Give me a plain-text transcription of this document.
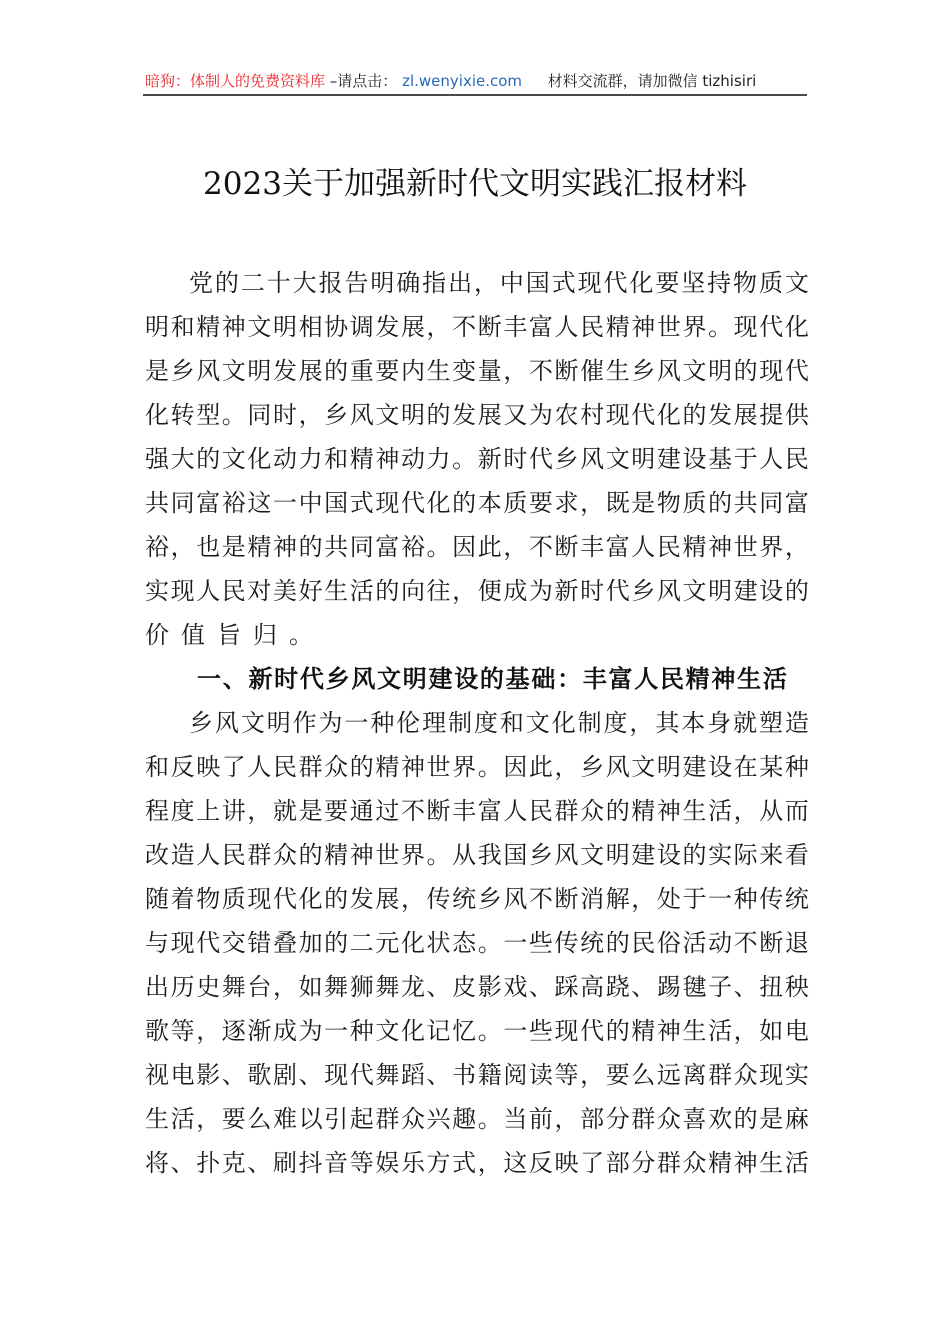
暗狗：体制人的免费资料库 –请点击： zl.wenyixie.com 材料交流群，请加微信 tizhisiri
2023关于加强新时代文明实践汇报材料
党 的 二 十 大 报 告 明 确 指 出 ， 中 国 式 现 代 化 要 坚 持 物 质 文
明 和 精 神 文 明 相 协 调 发 展 ， 不 断 丰 富 人 民 精 神 世 界 。 现 代 化
是 乡 风 文 明 发 展 的 重 要 内 生 变 量 ， 不 断 催 生 乡 风 文 明 的 现 代
化 转 型 。 同 时 ， 乡 风 文 明 的 发 展 又 为 农 村 现 代 化 的 发 展 提 供
强 大 的 文 化 动 力 和 精 神 动 力 。 新 时 代 乡 风 文 明 建 设 基 于 人 民
共 同 富 裕 这 一 中 国 式 现 代 化 的 本 质 要 求 ， 既 是 物 质 的 共 同 富
裕 ， 也 是 精 神 的 共 同 富 裕 。 因 此 ， 不 断 丰 富 人 民 精 神 世 界 ，
实 现 人 民 对 美 好 生 活 的 向 往 ， 便 成 为 新 时 代 乡 风 文 明 建 设 的
价值旨归。
一 、 新 时 代 乡 风 文 明 建 设 的 基 础 ： 丰 富 人 民 精 神 生 活
乡 风 文 明 作 为 一 种 伦 理 制 度 和 文 化 制 度 ， 其 本 身 就 塑 造
和 反 映 了 人 民 群 众 的 精 神 世 界 。 因 此 ， 乡 风 文 明 建 设 在 某 种
程 度 上 讲 ， 就 是 要 通 过 不 断 丰 富 人 民 群 众 的 精 神 生 活 ， 从 而
改 造 人 民 群 众 的 精 神 世 界 。 从 我 国 乡 风 文 明 建 设 的 实 际 来 看
随 着 物 质 现 代 化 的 发 展 ， 传 统 乡 风 不 断 消 解 ， 处 于 一 种 传 统
与 现 代 交 错 叠 加 的 二 元 化 状 态 。 一 些 传 统 的 民 俗 活 动 不 断 退
出 历 史 舞 台 ， 如 舞 狮 舞 龙 、 皮 影 戏 、 踩 高 跷 、 踢 毽 子 、 扭 秧
歌 等 ， 逐 渐 成 为 一 种 文 化 记 忆 。 一 些 现 代 的 精 神 生 活 ， 如 电
视 电 影 、 歌 剧 、 现 代 舞 蹈 、 书 籍 阅 读 等 ， 要 么 远 离 群 众 现 实
生 活 ， 要 么 难 以 引 起 群 众 兴 趣 。 当 前 ， 部 分 群 众 喜 欢 的 是 麻
将 、 扑 克 、 刷 抖 音 等 娱 乐 方 式 ， 这 反 映 了 部 分 群 众 精 神 生 活
